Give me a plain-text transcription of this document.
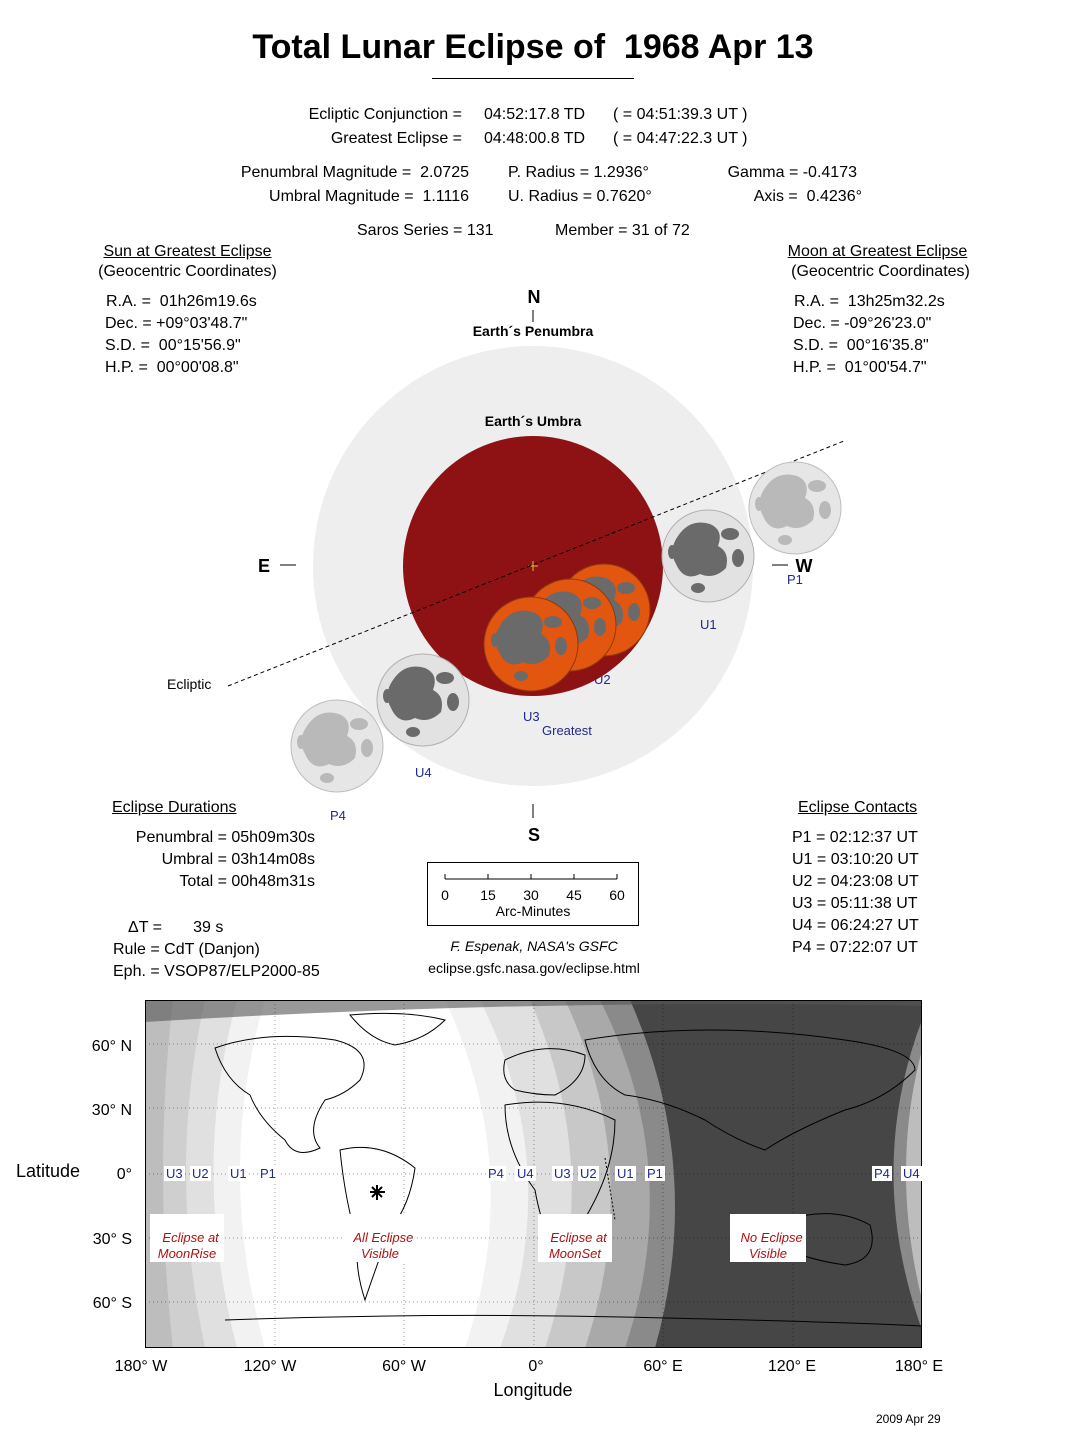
Total Lunar Eclipse of  1968 Apr 13
Ecliptic Conjunction = 04:52:17.8 TD ( = 04:51:39.3 UT )
Greatest Eclipse = 04:48:00.8 TD ( = 04:47:22.3 UT )
Penumbral Magnitude =  2.0725
Umbral Magnitude =  1.1116
P. Radius = 1.2936°
U. Radius = 0.7620°
Gamma = -0.4173
Axis =  0.4236°
Saros Series = 131	Member = 31 of 72
Sun at Greatest Eclipse
(Geocentric Coordinates)
R.A. =  01h26m19.6s
Dec. = +09°03'48.7"
S.D. =  00°15'56.9"
H.P. =  00°00'08.8"
Moon at Greatest Eclipse
(Geocentric Coordinates)
R.A. =  13h25m32.2s
Dec. = -09°26'23.0"
S.D. =  00°16'35.8"
H.P. =  01°00'54.7"
N
S
E	W
Earth´s Penumbra
Earth´s Umbra
Ecliptic
Greatest
P1
U1
U2
U3
U4
P4
Eclipse Durations
Penumbral = 05h09m30s
Umbral = 03h14m08s
Total = 00h48m31s
ΔT =       39 s
Rule = CdT (Danjon)
Eph. = VSOP87/ELP2000-85
0 15 30 45 60
Arc-Minutes
F. Espenak, NASA's GSFC
eclipse.gsfc.nasa.gov/eclipse.html
Eclipse Contacts
P1 = 02:12:37 UT
U1 = 03:10:20 UT
U2 = 04:23:08 UT
U3 = 05:11:38 UT
U4 = 06:24:27 UT
P4 = 07:22:07 UT
U3 U2 U1 P1	P4 U4 U3 U2 U1 P1	P4 U4

Eclipse at
MoonRise

All Eclipse
Visible

Eclipse at
MoonSet

No Eclipse
Visible

60° N
30° N
0°
30° S
60° S
Latitude
180° W	120° W	60° W	0°	60° E	120° E	180° E
Longitude
2009 Apr 29
